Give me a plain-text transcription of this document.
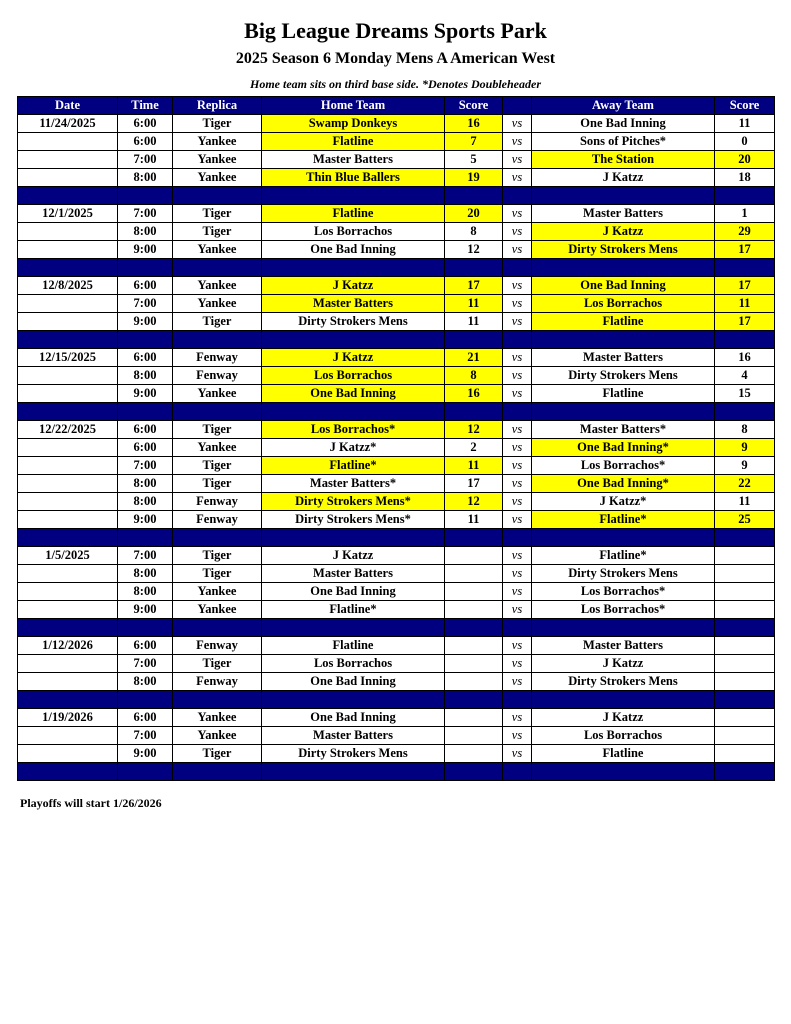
Big League Dreams Sports Park
2025 Season 6 Monday Mens A American West
Home team sits on third base side. *Denotes Doubleheader
Date	Time	Replica	Home Team	Score		Away Team	Score
11/24/2025	6:00	Tiger	Swamp Donkeys	16	vs	One Bad Inning	11
	6:00	Yankee	Flatline	7	vs	Sons of Pitches*	0
	7:00	Yankee	Master Batters	5	vs	The Station	20
	8:00	Yankee	Thin Blue Ballers	19	vs	J Katzz	18

12/1/2025	7:00	Tiger	Flatline	20	vs	Master Batters	1
	8:00	Tiger	Los Borrachos	8	vs	J Katzz	29
	9:00	Yankee	One Bad Inning	12	vs	Dirty Strokers Mens	17

12/8/2025	6:00	Yankee	J Katzz	17	vs	One Bad Inning	17
	7:00	Yankee	Master Batters	11	vs	Los Borrachos	11
	9:00	Tiger	Dirty Strokers Mens	11	vs	Flatline	17

12/15/2025	6:00	Fenway	J Katzz	21	vs	Master Batters	16
	8:00	Fenway	Los Borrachos	8	vs	Dirty Strokers Mens	4
	9:00	Yankee	One Bad Inning	16	vs	Flatline	15

12/22/2025	6:00	Tiger	Los Borrachos*	12	vs	Master Batters*	8
	6:00	Yankee	J Katzz*	2	vs	One Bad Inning*	9
	7:00	Tiger	Flatline*	11	vs	Los Borrachos*	9
	8:00	Tiger	Master Batters*	17	vs	One Bad Inning*	22
	8:00	Fenway	Dirty Strokers Mens*	12	vs	J Katzz*	11
	9:00	Fenway	Dirty Strokers Mens*	11	vs	Flatline*	25

1/5/2025	7:00	Tiger	J Katzz		vs	Flatline*	
	8:00	Tiger	Master Batters		vs	Dirty Strokers Mens	
	8:00	Yankee	One Bad Inning		vs	Los Borrachos*	
	9:00	Yankee	Flatline*		vs	Los Borrachos*	

1/12/2026	6:00	Fenway	Flatline		vs	Master Batters	
	7:00	Tiger	Los Borrachos		vs	J Katzz	
	8:00	Fenway	One Bad Inning		vs	Dirty Strokers Mens	

1/19/2026	6:00	Yankee	One Bad Inning		vs	J Katzz	
	7:00	Yankee	Master Batters		vs	Los Borrachos	
	9:00	Tiger	Dirty Strokers Mens		vs	Flatline	

Playoffs will start 1/26/2026
